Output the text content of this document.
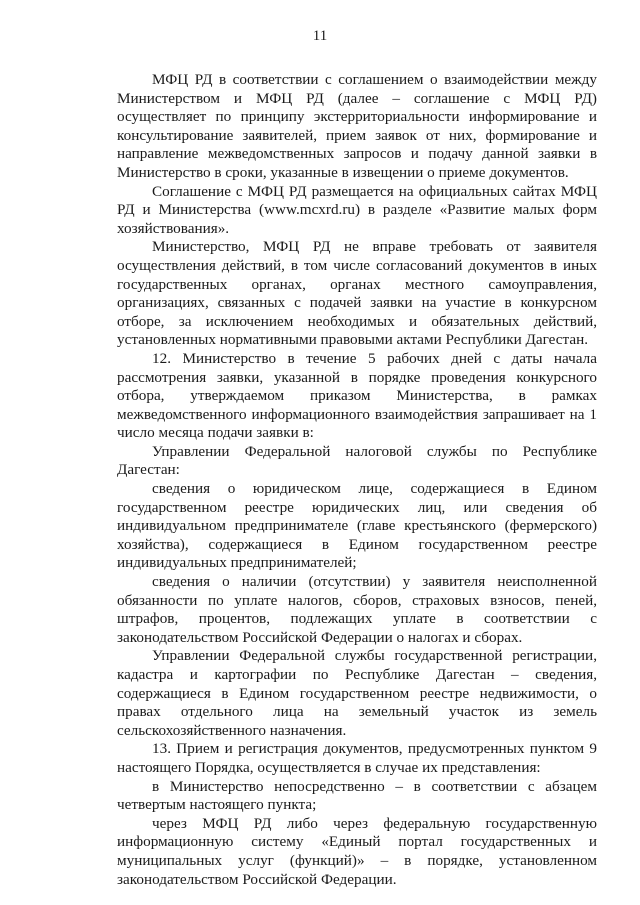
11

МФЦ РД в соответствии с соглашением о взаимодействии между Министерством и МФЦ РД (далее – соглашение с МФЦ РД) осуществляет по принципу экстерриториальности информирование и консультирование заявителей, прием заявок от них, формирование и направление межведомственных запросов и подачу данной заявки в Министерство в сроки, указанные в извещении о приеме документов.

Соглашение с МФЦ РД размещается на официальных сайтах МФЦ РД и Министерства (www.mcxrd.ru) в разделе «Развитие малых форм хозяйствования».

Министерство, МФЦ РД не вправе требовать от заявителя осуществления действий, в том числе согласований документов в иных государственных органах, органах местного самоуправления, организациях, связанных с подачей заявки на участие в конкурсном отборе, за исключением необходимых и обязательных действий, установленных нормативными правовыми актами Республики Дагестан.

12. Министерство в течение 5 рабочих дней с даты начала рассмотрения заявки, указанной в порядке проведения конкурсного отбора, утверждаемом приказом Министерства, в рамках межведомственного информационного взаимодействия запрашивает на 1 число месяца подачи заявки в:

Управлении Федеральной налоговой службы по Республике Дагестан:

сведения о юридическом лице, содержащиеся в Едином государственном реестре юридических лиц, или сведения об индивидуальном предпринимателе (главе крестьянского (фермерского) хозяйства), содержащиеся в Едином государственном реестре индивидуальных предпринимателей;

сведения о наличии (отсутствии) у заявителя неисполненной обязанности по уплате налогов, сборов, страховых взносов, пеней, штрафов, процентов, подлежащих уплате в соответствии с законодательством Российской Федерации о налогах и сборах.

Управлении Федеральной службы государственной регистрации, кадастра и картографии по Республике Дагестан – сведения, содержащиеся в Едином государственном реестре недвижимости, о правах отдельного лица на земельный участок из земель сельскохозяйственного назначения.

13. Прием и регистрация документов, предусмотренных пунктом 9 настоящего Порядка, осуществляется в случае их представления:

в Министерство непосредственно – в соответствии с абзацем четвертым настоящего пункта;

через МФЦ РД либо через федеральную государственную информационную систему «Единый портал государственных и муниципальных услуг (функций)» – в порядке, установленном законодательством Российской Федерации.
